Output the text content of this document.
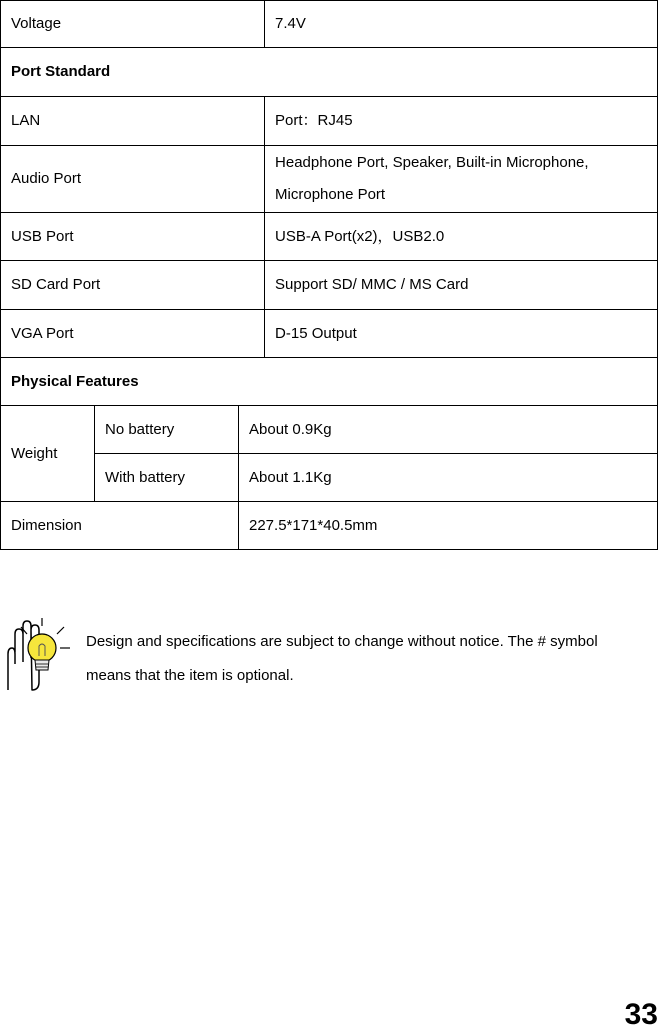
Voltage			7.4V
Port Standard			
LAN			Port：RJ45
Audio Port			Headphone Port, Speaker, Built-in Microphone,
Microphone Port

USB Port			USB-A Port(x2)，USB2.0
SD Card Port			Support SD/ MMC / MS Card
VGA Port			D-15 Output
Physical Features			
Weight	No battery	About 0.9Kg	
	With battery	About 1.1Kg	
Dimension		227.5*171*40.5mm	
Design and specifications are subject to change without notice. The # symbol
means that the item is optional.
33
